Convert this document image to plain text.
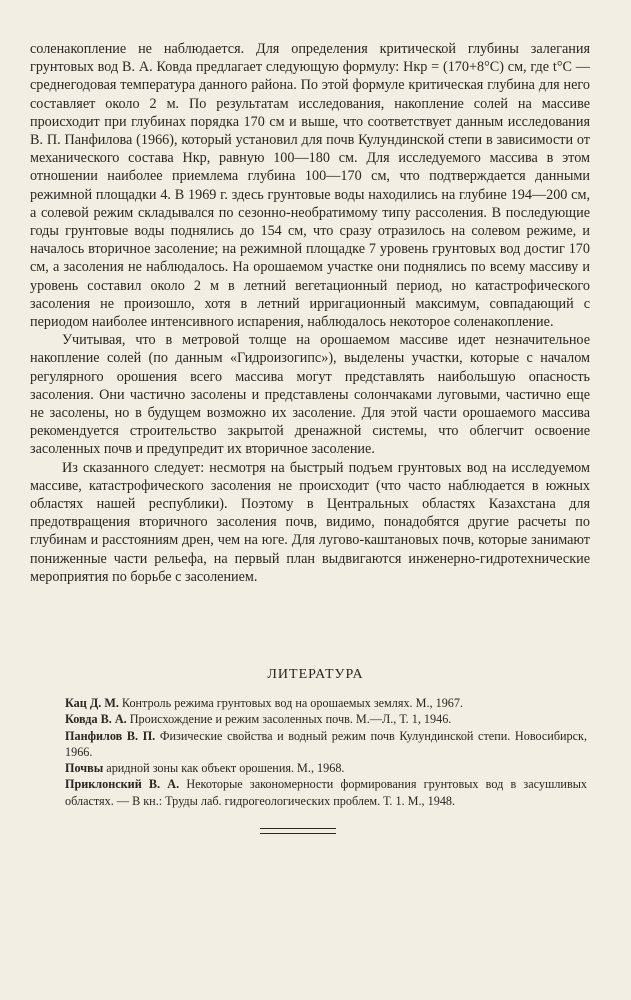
соленакопление не наблюдается. Для определения критической глубины залегания грунтовых вод В. А. Ковда предлагает следующую формулу: Hкр = (170+8°С) см, где t°С — среднегодовая температура данного района. По этой формуле критическая глубина для него составляет около 2 м. По результатам исследования, накопление солей на массиве происходит при глубинах порядка 170 см и выше, что соответствует данным исследования В. П. Панфилова (1966), который установил для почв Кулундинской степи в зависимости от механического состава Hкр, равную 100—180 см. Для исследуемого массива в этом отношении наиболее приемлема глубина 100—170 см, что подтверждается данными режимной площадки 4. В 1969 г. здесь грунтовые воды находились на глубине 194—200 см, а солевой режим складывался по сезонно-необратимому типу рассоления. В последующие годы грунтовые воды поднялись до 154 см, что сразу отразилось на солевом режиме, и началось вторичное засоление; на режимной площадке 7 уровень грунтовых вод достиг 170 см, а засоления не наблюдалось. На орошаемом участке они поднялись по всему массиву и уровень составил около 2 м в летний вегетационный период, но катастрофического засоления не произошло, хотя в летний ирригационный максимум, совпадающий с периодом наиболее интенсивного испарения, наблюдалось некоторое соленакопление.

Учитывая, что в метровой толще на орошаемом массиве идет незначительное накопление солей (по данным «Гидроизогипс»), выделены участки, которые с началом регулярного орошения всего массива могут представлять наибольшую опасность засоления. Они частично засолены и представлены солончаками луговыми, частично еще не засолены, но в будущем возможно их засоление. Для этой части орошаемого массива рекомендуется строительство закрытой дренажной системы, что облегчит освоение засоленных почв и предупредит их вторичное засоление.

Из сказанного следует: несмотря на быстрый подъем грунтовых вод на исследуемом массиве, катастрофического засоления не происходит (что часто наблюдается в южных областях нашей республики). Поэтому в Центральных областях Казахстана для предотвращения вторичного засоления почв, видимо, понадобятся другие расчеты по глубинам и расстояниям дрен, чем на юге. Для лугово-каштановых почв, которые занимают пониженные части рельефа, на первый план выдвигаются инженерно-гидротехнические мероприятия по борьбе с засолением.

ЛИТЕРАТУРА
Кац Д. М. Контроль режима грунтовых вод на орошаемых землях. М., 1967.
Ковда В. А. Происхождение и режим засоленных почв. М.—Л., Т. 1, 1946.
Панфилов В. П. Физические свойства и водный режим почв Кулундинской степи. Новосибирск, 1966.
Почвы аридной зоны как объект орошения. М., 1968.
Приклонский В. А. Некоторые закономерности формирования грунтовых вод в засушливых областях. — В кн.: Труды лаб. гидрогеологических проблем. Т. 1. М., 1948.
